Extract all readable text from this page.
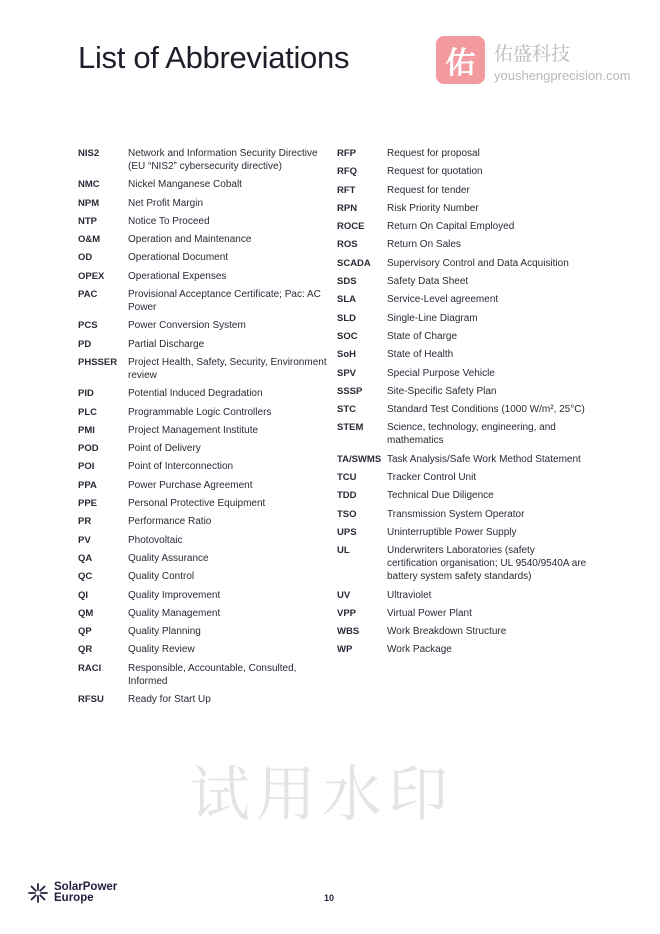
List of Abbreviations	佑 佑盛科技
youshengprecision.com
NIS2	Network and Information Security Directive (EU “NIS2” cybersecurity directive)
NMC	Nickel Manganese Cobalt
NPM	Net Profit Margin
NTP	Notice To Proceed
O&M	Operation and Maintenance
OD	Operational Document
OPEX	Operational Expenses
PAC	Provisional Acceptance Certificate; Pac: AC Power
PCS	Power Conversion System
PD	Partial Discharge
PHSSER	Project Health, Safety, Security, Environment review
PID	Potential Induced Degradation
PLC	Programmable Logic Controllers
PMI	Project Management Institute
POD	Point of Delivery
POI	Point of Interconnection
PPA	Power Purchase Agreement
PPE	Personal Protective Equipment
PR	Performance Ratio
PV	Photovoltaic
QA	Quality Assurance
QC	Quality Control
QI	Quality Improvement
QM	Quality Management
QP	Quality Planning
QR	Quality Review
RACI	Responsible, Accountable, Consulted, Informed
RFSU	Ready for Start Up
RFP	Request for proposal
RFQ	Request for quotation
RFT	Request for tender
RPN	Risk Priority Number
ROCE	Return On Capital Employed
ROS	Return On Sales
SCADA	Supervisory Control and Data Acquisition
SDS	Safety Data Sheet
SLA	Service-Level agreement
SLD	Single-Line Diagram
SOC	State of Charge
SoH	State of Health
SPV	Special Purpose Vehicle
SSSP	Site-Specific Safety Plan
STC	Standard Test Conditions (1000 W/m², 25°C)
STEM	Science, technology, engineering, and mathematics
TA/SWMS Task Analysis/Safe Work Method Statement
TCU	Tracker Control Unit
TDD	Technical Due Diligence
TSO	Transmission System Operator
UPS	Uninterruptible Power Supply
UL	Underwriters Laboratories (safety certification organisation; UL 9540/9540A are battery system safety standards)
UV	Ultraviolet
VPP	Virtual Power Plant
WBS	Work Breakdown Structure
WP	Work Package
试用水印
SolarPower
Europe	10
